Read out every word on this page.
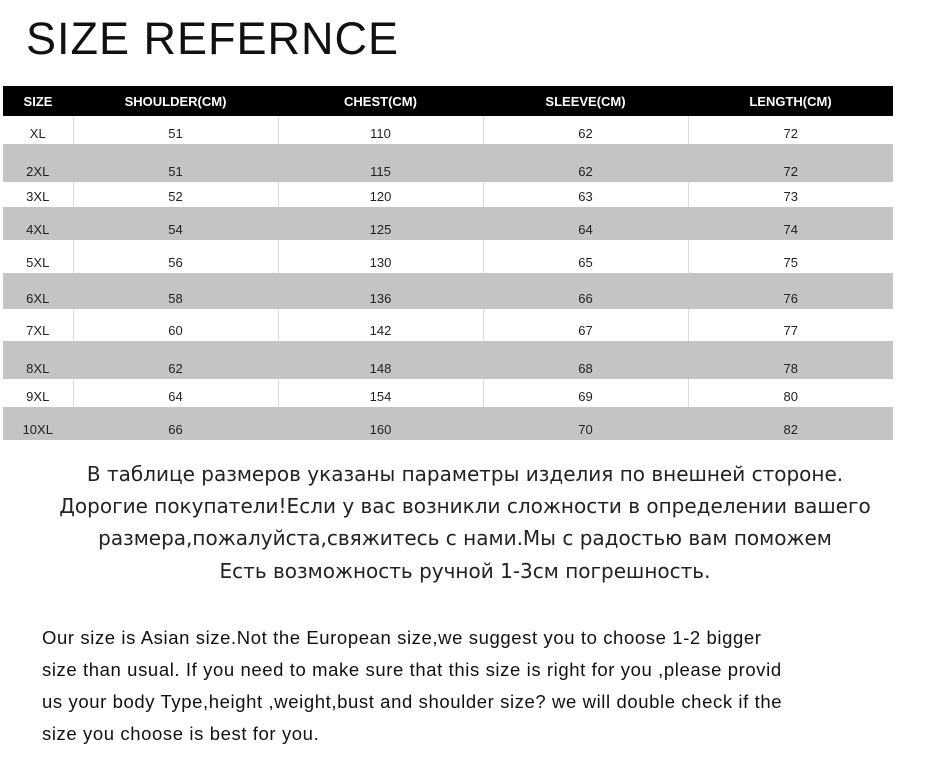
SIZE REFERNCE
SIZE	SHOULDER(CM)	CHEST(CM)	SLEEVE(CM)	LENGTH(CM)
XL	51	110	62	72
2XL	51	115	62	72
3XL	52	120	63	73
4XL	54	125	64	74
5XL	56	130	65	75
6XL	58	136	66	76
7XL	60	142	67	77
8XL	62	148	68	78
9XL	64	154	69	80
10XL	66	160	70	82
В таблице размеров указаны параметры изделия по внешней стороне.
Дорогие покупатели!Если у вас возникли сложности в определении вашего
размера,пожалуйста,свяжитесь с нами.Мы с радостью вам поможем
Есть возможность ручной 1-3см погрешность.
Our size is Asian size.Not the European size,we suggest you to choose 1-2 bigger
size than usual. If you need to make sure that this size is right for you ,please provid
us your body Type,height ,weight,bust and shoulder size? we will double check if the
size you choose is best for you.
